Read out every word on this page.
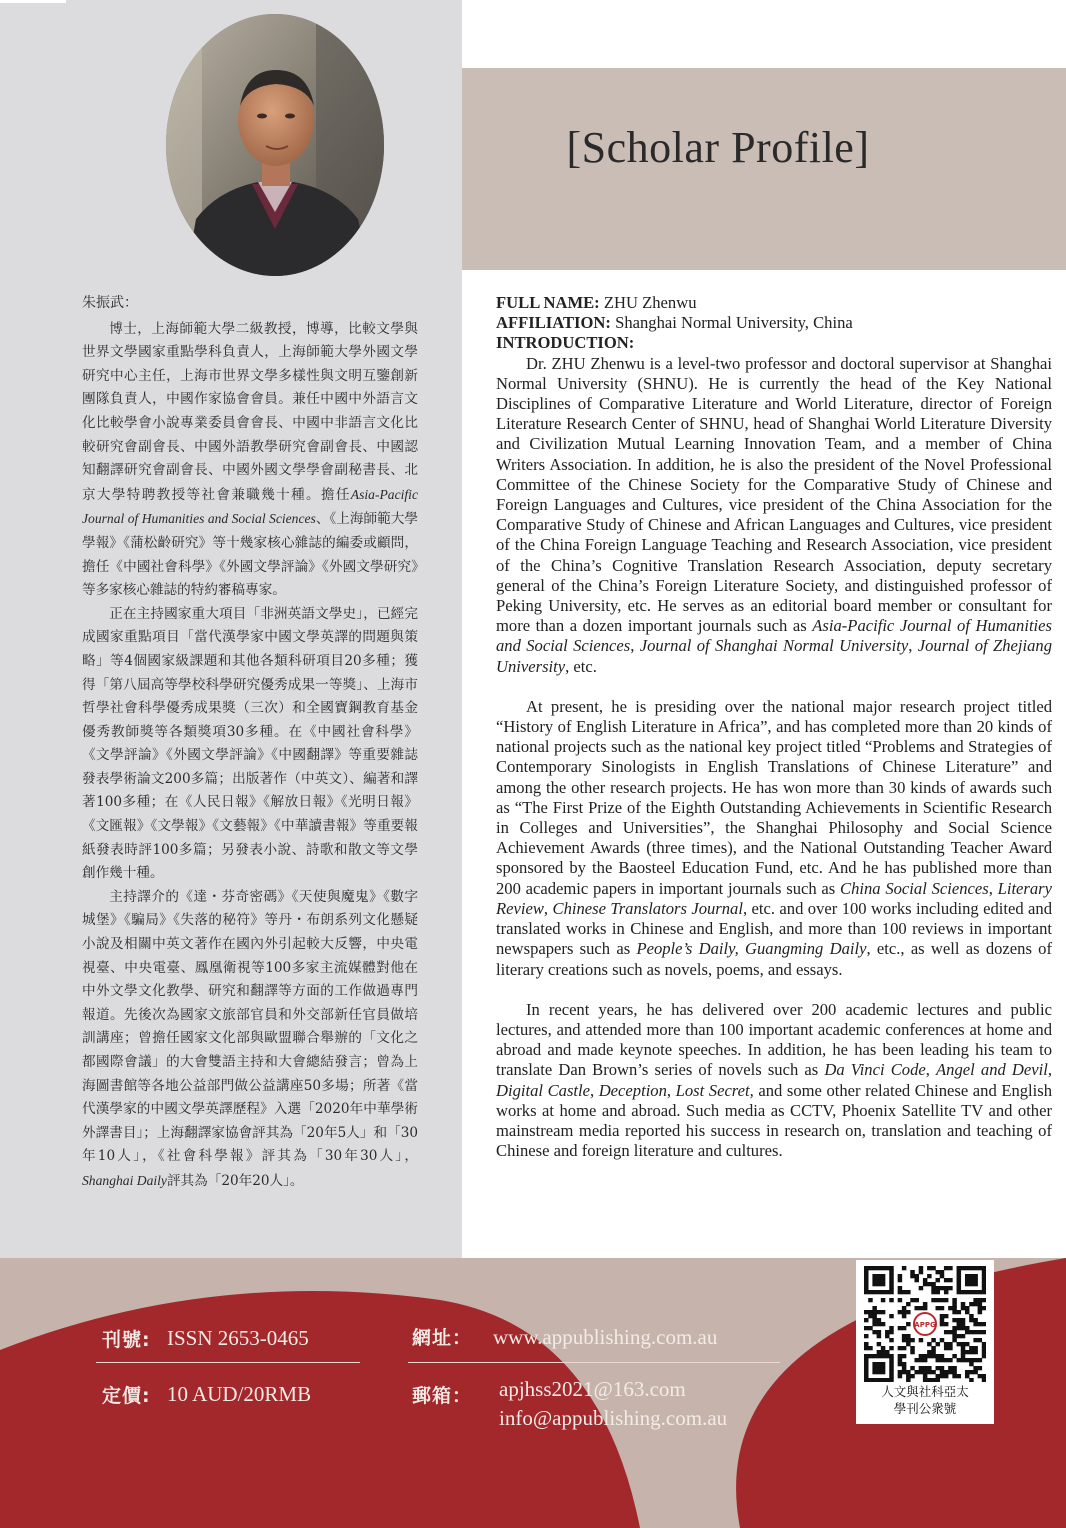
[Scholar Profile]
朱振武：

博士，上海師範大學二級教授，博導，比較文學與世界文學國家重點學科負責人，上海師範大學外國文學研究中心主任，上海市世界文學多樣性與文明互鑒創新團隊負責人，中國作家協會會員。兼任中國中外語言文化比較學會小說專業委員會會長、中國中非語言文化比較研究會副會長、中國外語教學研究會副會長、中國認知翻譯研究會副會長、中國外國文學學會副秘書長、北京大學特聘教授等社會兼職幾十種。擔任Asia-Pacific Journal of Humanities and Social Sciences、《上海師範大學學報》《蒲松齡研究》等十幾家核心雜誌的編委或顧問，擔任《中國社會科學》《外國文學評論》《外國文學研究》等多家核心雜誌的特約審稿專家。

正在主持國家重大項目「非洲英語文學史」，已經完成國家重點項目「當代漢學家中國文學英譯的問題與策略」等4個國家級課題和其他各類科研項目20多種；獲得「第八屆高等學校科學研究優秀成果一等獎」、上海市哲學社會科學優秀成果獎（三次）和全國寶鋼教育基金優秀教師獎等各類獎項30多種。在《中國社會科學》《文學評論》《外國文學評論》《中國翻譯》等重要雜誌發表學術論文200多篇；出版著作（中英文）、編著和譯著100多種；在《人民日報》《解放日報》《光明日報》《文匯報》《文學報》《文藝報》《中華讀書報》等重要報紙發表時評100多篇；另發表小說、詩歌和散文等文學創作幾十種。

主持譯介的《達・芬奇密碼》《天使與魔鬼》《數字城堡》《騙局》《失落的秘符》等丹・布朗系列文化懸疑小說及相關中英文著作在國內外引起較大反響，中央電視臺、中央電臺、鳳凰衛視等100多家主流媒體對他在中外文學文化教學、研究和翻譯等方面的工作做過專門報道。先後次為國家文旅部官員和外交部新任官員做培訓講座；曾擔任國家文化部與歐盟聯合舉辦的「文化之都國際會議」的大會雙語主持和大會總結發言；曾為上海圖書館等各地公益部門做公益講座50多場；所著《當代漢學家的中國文學英譯歷程》入選「2020年中華學術外譯書目」；上海翻譯家協會評其為「20年5人」和「30年10人」，《社會科學報》評其為「30年30人」，Shanghai Daily評其為「20年20人」。

FULL NAME: ZHU Zhenwu
AFFILIATION: Shanghai Normal University, China
INTRODUCTION:

Dr. ZHU Zhenwu is a level-two professor and doctoral supervisor at Shanghai Normal University (SHNU). He is currently the head of the Key National Disciplines of Comparative Literature and World Literature, director of Foreign Literature Research Center of SHNU, head of Shanghai World Literature Diversity and Civilization Mutual Learning Innovation Team, and a member of China Writers Association. In addition, he is also the president of the Novel Professional Committee of the Chinese Society for the Comparative Study of Chinese and Foreign Languages and Cultures, vice president of the China Association for the Comparative Study of Chinese and African Languages and Cultures, vice president of the China Foreign Language Teaching and Research Association, vice president of the China’s Cognitive Translation Research Association, deputy secretary general of the China’s Foreign Literature Society, and distinguished professor of Peking University, etc. He serves as an editorial board member or consultant for more than a dozen important journals such as Asia-Pacific Journal of Humanities and Social Sciences, Journal of Shanghai Normal University, Journal of Zhejiang University, etc.

At present, he is presiding over the national major research project titled “History of English Literature in Africa”, and has completed more than 20 kinds of national projects such as the national key project titled “Problems and Strategies of Contemporary Sinologists in English Translations of Chinese Literature” and among the other research projects. He has won more than 30 kinds of awards such as “The First Prize of the Eighth Outstanding Achievements in Scientific Research in Colleges and Universities”, the Shanghai Philosophy and Social Science Achievement Awards (three times), and the National Outstanding Teacher Award sponsored by the Baosteel Education Fund, etc. And he has published more than 200 academic papers in important journals such as China Social Sciences, Literary Review, Chinese Translators Journal, etc. and over 100 works including edited and translated works in Chinese and English, and more than 100 reviews in important newspapers such as People’s Daily, Guangming Daily, etc., as well as dozens of literary creations such as novels, poems, and essays.

In recent years, he has delivered over 200 academic lectures and public lectures, and attended more than 100 important academic conferences at home and abroad and made keynote speeches. In addition, he has been leading his team to translate Dan Brown’s series of novels such as Da Vinci Code, Angel and Devil, Digital Castle, Deception, Lost Secret, and some other related Chinese and English works at home and abroad. Such media as CCTV, Phoenix Satellite TV and other mainstream media reported his success in research on, translation and teaching of Chinese and foreign literature and cultures.

刊號: ISSN 2653-0465
定價: 10 AUD/20RMB
網址： www.appublishing.com.au
郵箱： apjhss2021@163.com
info@appublishing.com.au
APPG
人文與社科亞太
學刊公衆號
